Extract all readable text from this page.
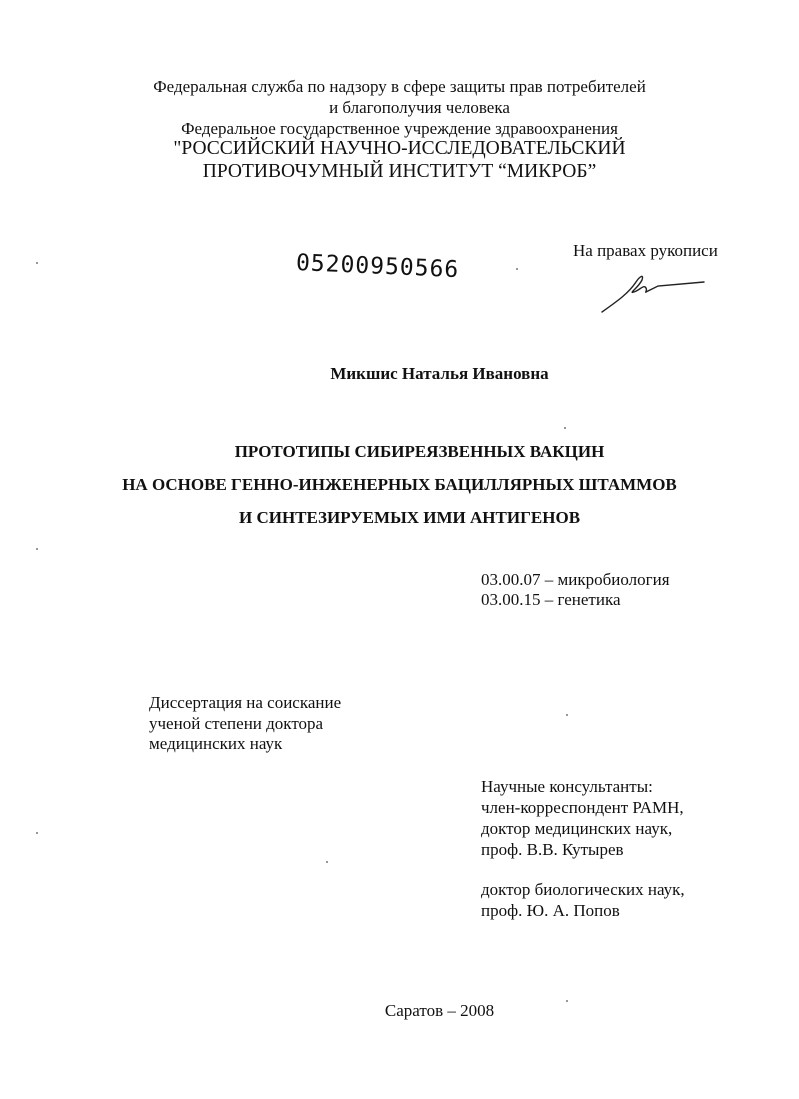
Федеральная служба по надзору в сфере защиты прав потребителей
и благополучия человека
Федеральное государственное учреждение здравоохранения
"РОССИЙСКИЙ НАУЧНО-ИССЛЕДОВАТЕЛЬСКИЙ
ПРОТИВОЧУМНЫЙ ИНСТИТУТ “МИКРОБ”
05200950566	На правах рукописи
Микшис Наталья Ивановна
ПРОТОТИПЫ СИБИРЕЯЗВЕННЫХ ВАКЦИН
НА ОСНОВЕ ГЕННО-ИНЖЕНЕРНЫХ БАЦИЛЛЯРНЫХ ШТАММОВ
И СИНТЕЗИРУЕМЫХ ИМИ АНТИГЕНОВ
03.00.07 – микробиология
03.00.15 – генетика
Диссертация на соискание
ученой степени доктора
медицинских наук
Научные консультанты:
член-корреспондент РАМН,
доктор медицинских наук,
проф. В.В. Кутырев
доктор биологических наук,
проф. Ю. А. Попов
Саратов – 2008
